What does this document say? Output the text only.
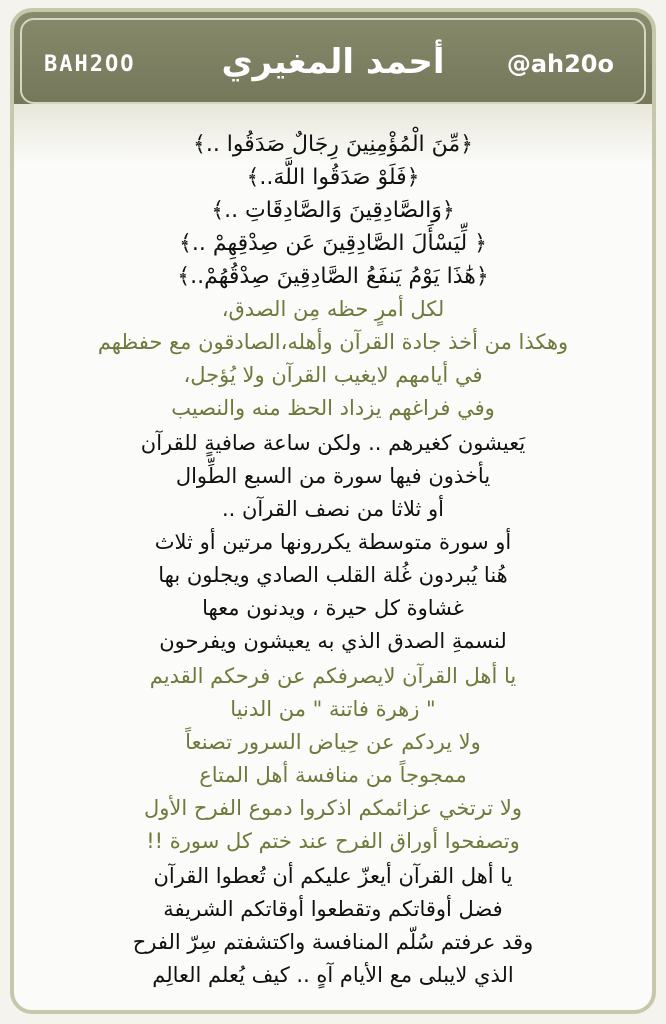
BAH2OO	أحمد المغيري	@ah20o
﴿مِّنَ الْمُؤْمِنِينَ رِجَالٌ صَدَقُوا ..﴾
﴿فَلَوْ صَدَقُوا اللَّهَ..﴾
﴿وَالصَّادِقِينَ وَالصَّادِقَاتِ ..﴾
﴿ لِّيَسْأَلَ الصَّادِقِينَ عَن صِدْقِهِمْ ..﴾
﴿هَٰذَا يَوْمُ يَنفَعُ الصَّادِقِينَ صِدْقُهُمْ..﴾
لكل أمرٍ حظه مِن الصدق،
وهكذا من أخذ جادة القرآن وأهله،الصادقون مع حفظهم
في أيامهم لايغيب القرآن ولا يُؤجل،
وفي فراغهم يزداد الحظ منه والنصيب
يَعيشون كغيرهم .. ولكن ساعة صافيةٍ للقرآن
يأخذون فيها سورة من السبع الطِّوال
أو ثلاثا من نصف القرآن ..
أو سورة متوسطة يكررونها مرتين أو ثلاث
هُنا يُبردون غُلة القلب الصادي ويجلون بها
غشاوة كل حيرة ، ويدنون معها
لنسمةِ الصدق الذي به يعيشون ويفرحون
يا أهل القرآن لايصرفكم عن فرحكم القديم
" زهرة فاتنة " من الدنيا
ولا يردكم عن حِياض السرور تصنعاً
ممجوجاً من منافسة أهل المتاع
ولا ترتخي عزائمكم اذكروا دموع الفرح الأول
وتصفحوا أوراق الفرح عند ختم كل سورة !!
يا أهل القرآن أيعزّ عليكم أن تُعطوا القرآن
فضل أوقاتكم وتقطعوا أوقاتكم الشريفة
وقد عرفتم سُلّم المنافسة واكتشفتم سِرّ الفرح
الذي لايبلى مع الأيام آهٍ .. كيف يُعلم العالِم
